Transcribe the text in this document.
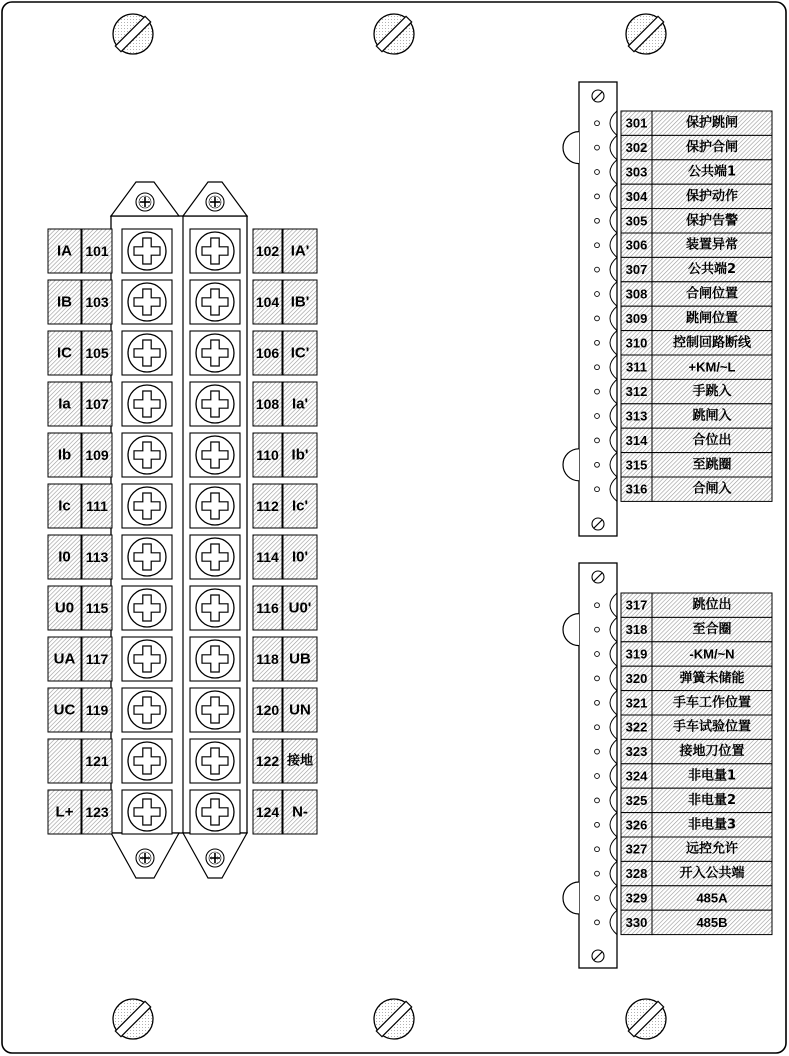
IA 101	102 IA'
IB 103	104 IB'
IC 105	106 IC'
Ia 107	108 Ia'
Ib 109	110 Ib'
Ic 111	112 Ic'
I0 113	114 I0'
U0 115	116 U0'
UA 117	118 UB
UC 119	120 UN
121	122 接地
L+ 123	124 N-
301	保护跳闸
302	保护合闸
303	公共端1
304	保护动作
305	保护告警
306	装置异常
307	公共端2
308	合闸位置
309	跳闸位置
310 控制回路断线
311	+KM/~L
312	手跳入
313	跳闸入
314	合位出
315	至跳圈
316	合闸入
317	跳位出
318	至合圈
319	-KM/~N
320 弹簧未储能
321 手车工作位置
322 手车试验位置
323 接地刀位置
324	非电量1
325	非电量2
326	非电量3
327	远控允许
328 开入公共端
329	485A
330	485B
